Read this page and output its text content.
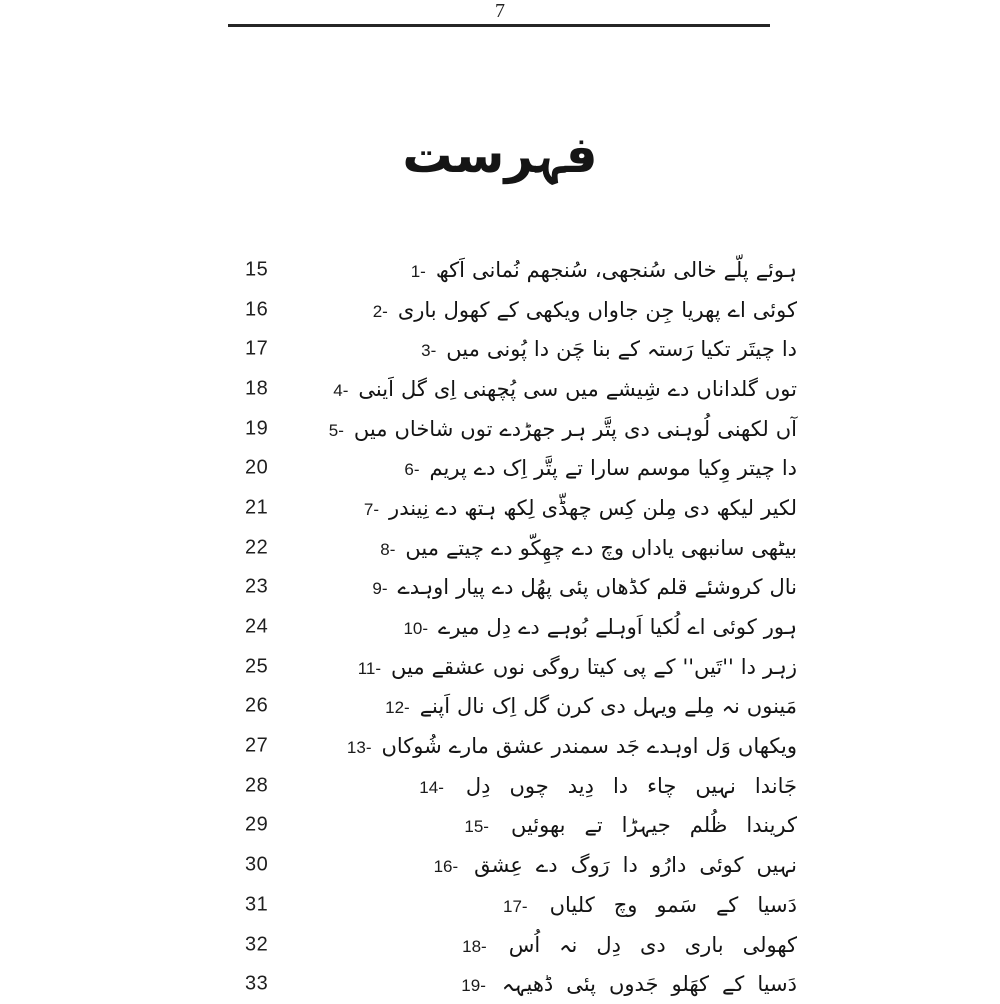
7
فہرست
15	1- اَکھ نُمانی سُنجھم سُنجھی، خالی پلّے ہوئے
16	2- باری کھول کے ویکھی جاواں جِن پھریا اے کوئی
17	3- میں پُونی دا چَن بنا کے رَستہ تکیا چیتَر دا
18	4- اَینی گل اِی پُچھنی سی میں شِیشے دے گلداناں توں
19	5- میں شاخاں توں جھڑدے ہر پتَّر دی لُوہنی لکھنی آں
20	6- پریم دے اِک پتَّر تے سارا موسم وِکیا چیتر دا
21	7- نِیندر دے ہتھ لِکھ چھڈّی کِس مِلن دی لیکھ لکیر
22	8- میں چیتے دے چھِکّو دے وچ یاداں سانبھی بیٹھی
23	9- اوہدے پیار دے پھُل پئی کڈھاں قلم کروشئے نال
24	10- میرے دِل دے بُوہے اَوہلے لُکیا اے کوئی ہور
25	11- میں عشقے نوں روگی کیتا پی کے ''تَیں'' دا زہر
26	12- اَپنے نال اِک گل کرن دی ویہل مِلے نہ مَینوں
27	13- شُوکاں مارے عشق سمندر جَد اوہدے وَل ویکھاں
28	14- دِل چوں دِید دا چاء نہیں جَاندا
29	15- بھوئیں تے جیہڑا ظُلم کریندا
30	16- عِشق دے رَوگ دا دارُو کوئی نہیں
31	17- کلیاں وچ سَمو کے دَسیا
32	18- اُس نہ دِل دی باری کھولی
33	19- ڈھیہہ پئی جَدوں کھَلو کے دَسیا
